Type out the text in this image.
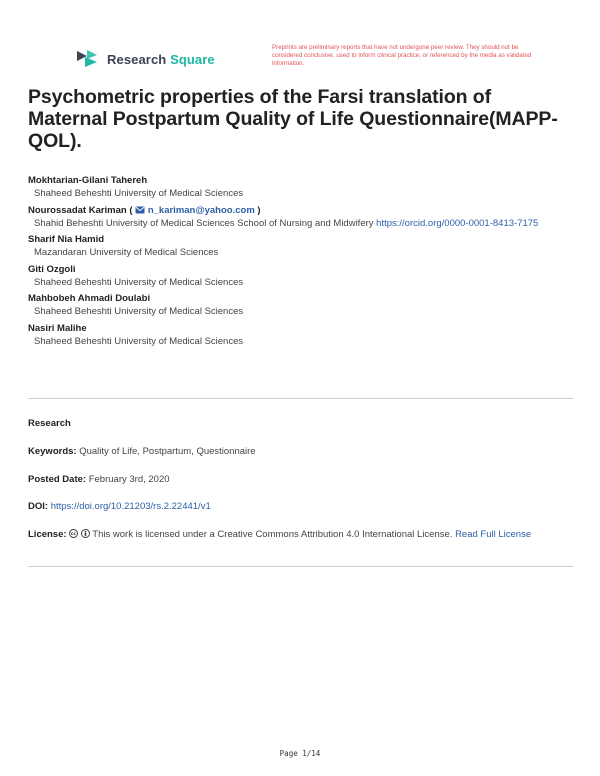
Research Square
Preprints are preliminary reports that have not undergone peer review. They should not be considered conclusive, used to inform clinical practice, or referenced by the media as validated information.
Psychometric properties of the Farsi translation of Maternal Postpartum Quality of Life Questionnaire(MAPP-QOL).
Mokhtarian-Gilani Tahereh
Shaheed Beheshti University of Medical Sciences
Nourossadat Kariman (  n_kariman@yahoo.com )
Shahid Beheshti University of Medical Sciences School of Nursing and Midwifery https://orcid.org/0000-0001-8413-7175
Sharif Nia Hamid
Mazandaran University of Medical Sciences
Giti Ozgoli
Shaheed Beheshti University of Medical Sciences
Mahbobeh Ahmadi Doulabi
Shaheed Beheshti University of Medical Sciences
Nasiri Malihe
Shaheed Beheshti University of Medical Sciences
Research
Keywords: Quality of Life, Postpartum, Questionnaire
Posted Date: February 3rd, 2020
DOI: https://doi.org/10.21203/rs.2.22441/v1
License: cc This work is licensed under a Creative Commons Attribution 4.0 International License. Read Full License
Page 1/14
